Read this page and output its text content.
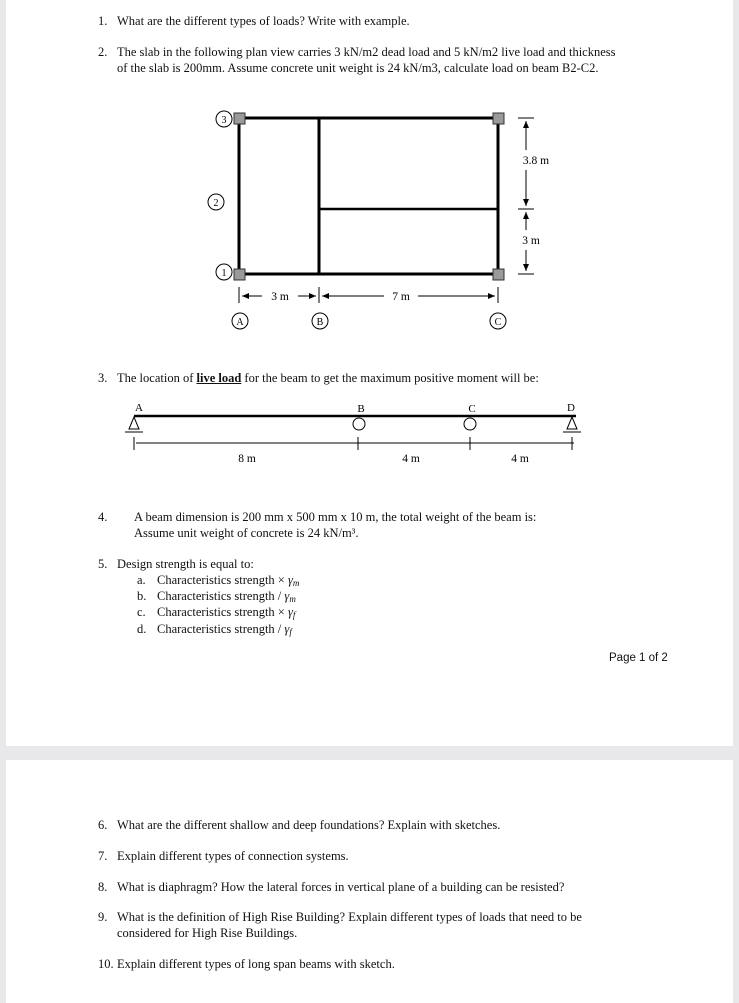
1. What are the different types of loads? Write with example.
2. The slab in the following plan view carries 3 kN/m2 dead load and 5 kN/m2 live load and thickness
of the slab is 200mm. Assume concrete unit weight is 24 kN/m3, calculate load on beam B2-C2.
3
2
1
A	B	C
3 m	7 m
3.8 m
3 m
3. The location of live load for the beam to get the maximum positive moment will be:
A	B	C	D
8 m	4 m	4 m
4. A beam dimension is 200 mm x 500 mm x 10 m, the total weight of the beam is:
Assume unit weight of concrete is 24 kN/m³.
5. Design strength is equal to:
a. Characteristics strength × $\gamma_m$
b. Characteristics strength / $\gamma_m$
c. Characteristics strength × $\gamma_f$
d. Characteristics strength / $\gamma_f$
Page 1 of 2
6. What are the different shallow and deep foundations? Explain with sketches.
7. Explain different types of connection systems.
8. What is diaphragm? How the lateral forces in vertical plane of a building can be resisted?
9. What is the definition of High Rise Building? Explain different types of loads that need to be
considered for High Rise Buildings.
10. Explain different types of long span beams with sketch.
